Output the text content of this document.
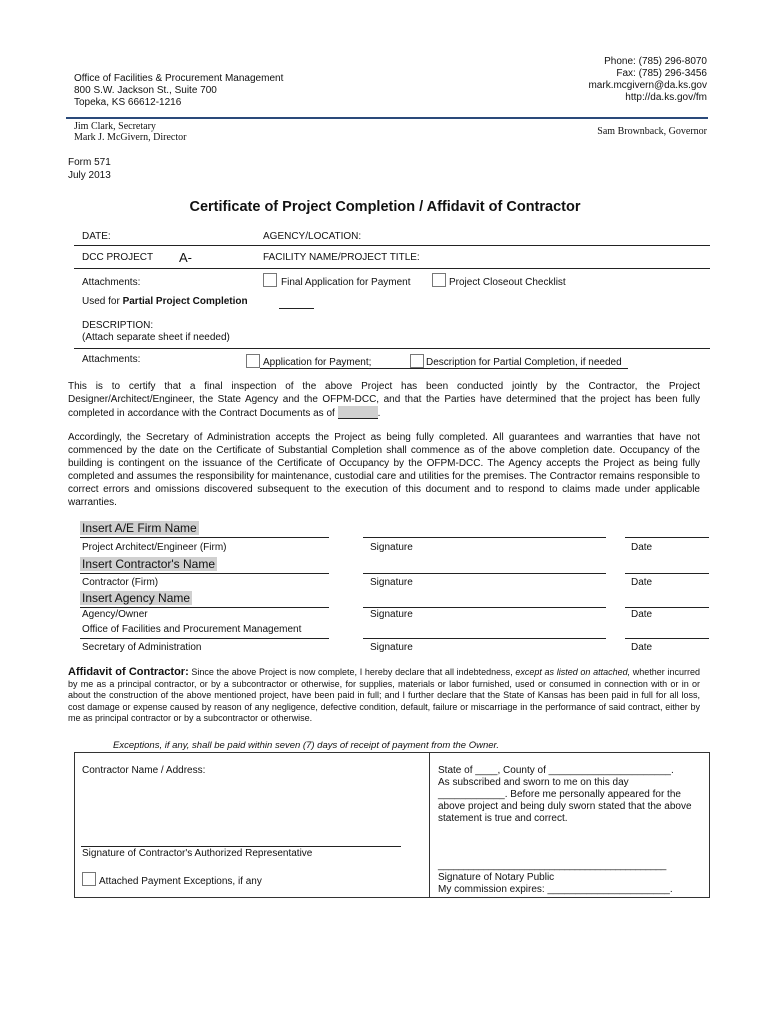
Office of Facilities & Procurement Management
800 S.W. Jackson St., Suite 700
Topeka, KS 66612-1216
Phone: (785) 296-8070
Fax: (785) 296-3456
mark.mcgivern@da.ks.gov
http://da.ks.gov/fm
Jim Clark, Secretary
Mark J. McGivern, Director
Sam Brownback, Governor
Form 571
July 2013
Certificate of Project Completion / Affidavit of Contractor
DATE:	AGENCY/LOCATION:
DCC PROJECT A-	FACILITY NAME/PROJECT TITLE:
Attachments:	Final Application for Payment	Project Closeout Checklist
Used for Partial Project Completion
DESCRIPTION:
(Attach separate sheet if needed)
Attachments:	Application for Payment;	Description for Partial Completion, if needed
This is to certify that a final inspection of the above Project has been conducted jointly by the Contractor, the Project Designer/Architect/Engineer, the State Agency and the OFPM-DCC, and that the Parties have determined that the project has been fully completed in accordance with the Contract Documents as of	.
Accordingly, the Secretary of Administration accepts the Project as being fully completed. All guarantees and warranties that have not commenced by the date on the Certificate of Substantial Completion shall commence as of the above completion date. Occupancy of the building is contingent on the issuance of the Certificate of Occupancy by the OFPM-DCC. The Agency accepts the Project as being fully completed and assumes the responsibility for maintenance, custodial care and utilities for the premises. The Contractor remains responsible to correct errors and omissions discovered subsequent to the execution of this document and to respond to claims made under applicable warranties.
Insert A/E Firm Name
Project Architect/Engineer (Firm)	Signature	Date
Insert Contractor's Name
Contractor (Firm)	Signature	Date
Insert Agency Name
Agency/Owner	Signature	Date
Office of Facilities and Procurement Management
Secretary of Administration	Signature	Date
Affidavit of Contractor: Since the above Project is now complete, I hereby declare that all indebtedness, except as listed on attached, whether incurred by me as a principal contractor, or by a subcontractor or otherwise, for supplies, materials or labor furnished, used or consumed in connection with or in or about the construction of the above mentioned project, have been paid in full; and I further declare that the State of Kansas has been paid in full for all loss, cost damage or expense caused by reason of any negligence, defective condition, default, failure or miscarriage in the performance of said contract, either by me as principal contractor or by a subcontractor or otherwise.
Exceptions, if any, shall be paid within seven (7) days of receipt of payment from the Owner.
Contractor Name / Address:
Signature of Contractor's Authorized Representative
Attached Payment Exceptions, if any
State of ____, County of ______________________.
As subscribed and sworn to me on this day
____________. Before me personally appeared for the
above project and being duly sworn stated that the above
statement is true and correct.
_____________________________________________
Signature of Notary Public
My commission expires: ______________________.
